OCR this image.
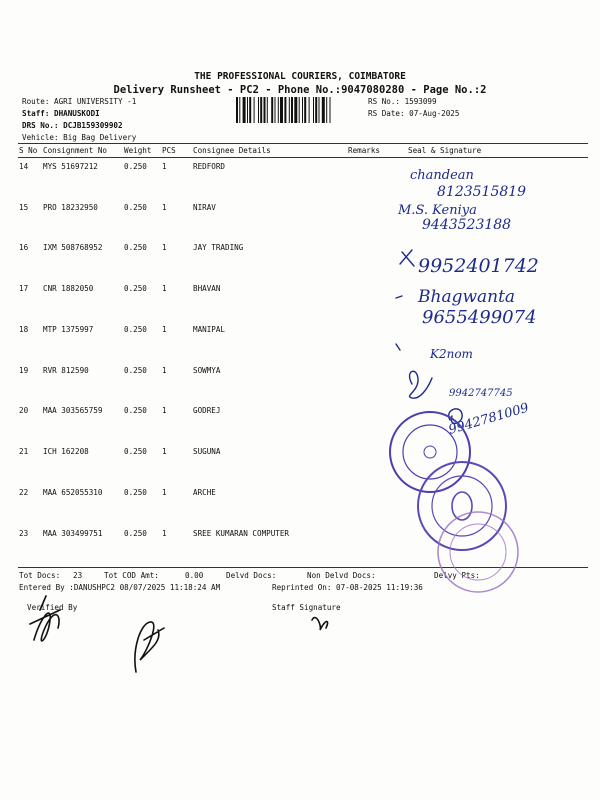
THE PROFESSIONAL COURIERS, COIMBATORE
Delivery Runsheet - PC2 - Phone No.:9047080280 - Page No.:2
Route: AGRI UNIVERSITY -1
Staff: DHANUSKODI
DRS No.: DCJB159309902
Vehicle: Big Bag Delivery
RS No.: 1593099
RS Date: 07-Aug-2025
S No Consignment No Weight PCS Consignee Details	Remarks	Seal & Signature
14 MYS 51697212	0.250 1	REDFORD
15 PRO 18232950	0.250 1	NIRAV
16 IXM 508768952	0.250 1	JAY TRADING
17 CNR 1882050	0.250 1	BHAVAN
18 MTP 1375997	0.250 1	MANIPAL
19 RVR 812590	0.250 1	SOWMYA
20 MAA 303565759	0.250 1	GODREJ
21 ICH 162208	0.250 1	SUGUNA
22 MAA 652055310	0.250 1	ARCHE
23 MAA 303499751	0.250 1	SREE KUMARAN COMPUTER
Tot Docs: 23	Tot COD Amt:	0.00	Delvd Docs:	Non Delvd Docs:	Delvy Pts:
Entered By :DANUSHPC2 08/07/2025 11:18:24 AM	Reprinted On: 07-08-2025 11:19:36
Verified By	Staff Signature
chandean
8123515819
M.S. Keniya
9443523188
9952401742
Bhagwanta
9655499074
K2nom
9942747745
9942781009
